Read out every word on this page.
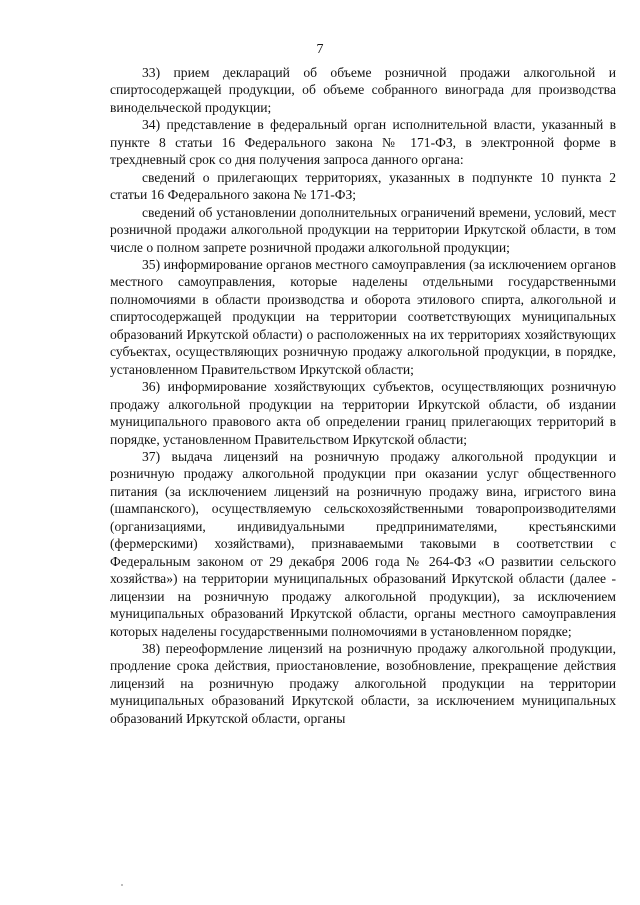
7

33) прием деклараций об объеме розничной продажи алкогольной и спиртосодержащей продукции, об объеме собранного винограда для производства винодельческой продукции;

34) представление в федеральный орган исполнительной власти, указанный в пункте 8 статьи 16 Федерального закона № 171-ФЗ, в электронной форме в трехдневный срок со дня получения запроса данного органа:

сведений о прилегающих территориях, указанных в подпункте 10 пункта 2 статьи 16 Федерального закона № 171-ФЗ;

сведений об установлении дополнительных ограничений времени, условий, мест розничной продажи алкогольной продукции на территории Иркутской области, в том числе о полном запрете розничной продажи алкогольной продукции;

35) информирование органов местного самоуправления (за исключением органов местного самоуправления, которые наделены отдельными государственными полномочиями в области производства и оборота этилового спирта, алкогольной и спиртосодержащей продукции на территории соответствующих муниципальных образований Иркутской области) о расположенных на их территориях хозяйствующих субъектах, осуществляющих розничную продажу алкогольной продукции, в порядке, установленном Правительством Иркутской области;

36) информирование хозяйствующих субъектов, осуществляющих розничную продажу алкогольной продукции на территории Иркутской области, об издании муниципального правового акта об определении границ прилегающих территорий в порядке, установленном Правительством Иркутской области;

37) выдача лицензий на розничную продажу алкогольной продукции и розничную продажу алкогольной продукции при оказании услуг общественного питания (за исключением лицензий на розничную продажу вина, игристого вина (шампанского), осуществляемую сельскохозяйственными товаропроизводителями (организациями, индивидуальными предпринимателями, крестьянскими (фермерскими) хозяйствами), признаваемыми таковыми в соответствии с Федеральным законом от 29 декабря 2006 года № 264-ФЗ «О развитии сельского хозяйства») на территории муниципальных образований Иркутской области (далее - лицензии на розничную продажу алкогольной продукции), за исключением муниципальных образований Иркутской области, органы местного самоуправления которых наделены государственными полномочиями в установленном порядке;

38) переоформление лицензий на розничную продажу алкогольной продукции, продление срока действия, приостановление, возобновление, прекращение действия лицензий на розничную продажу алкогольной продукции на территории муниципальных образований Иркутской области, за исключением муниципальных образований Иркутской области, органы
